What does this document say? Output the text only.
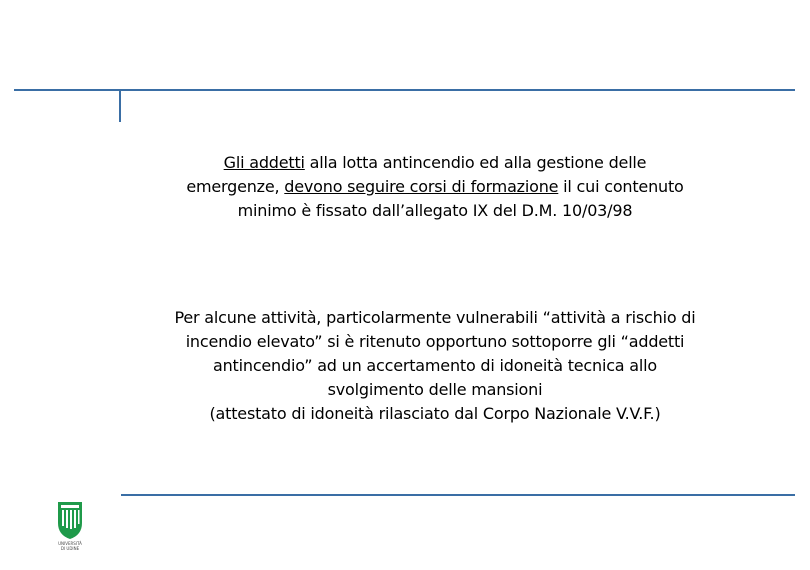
Gli addetti alla lotta antincendio ed alla gestione delle
emergenze, devono seguire corsi di formazione il cui contenuto
minimo è fissato dall’allegato IX del D.M. 10/03/98
Per alcune attività, particolarmente vulnerabili “attività a rischio di
incendio elevato” si è ritenuto opportuno sottoporre gli “addetti
antincendio” ad un accertamento di idoneità tecnica allo
svolgimento delle mansioni
(attestato di idoneità rilasciato dal Corpo Nazionale V.V.F.)
UNIVERSITÀ
DI UDINE
